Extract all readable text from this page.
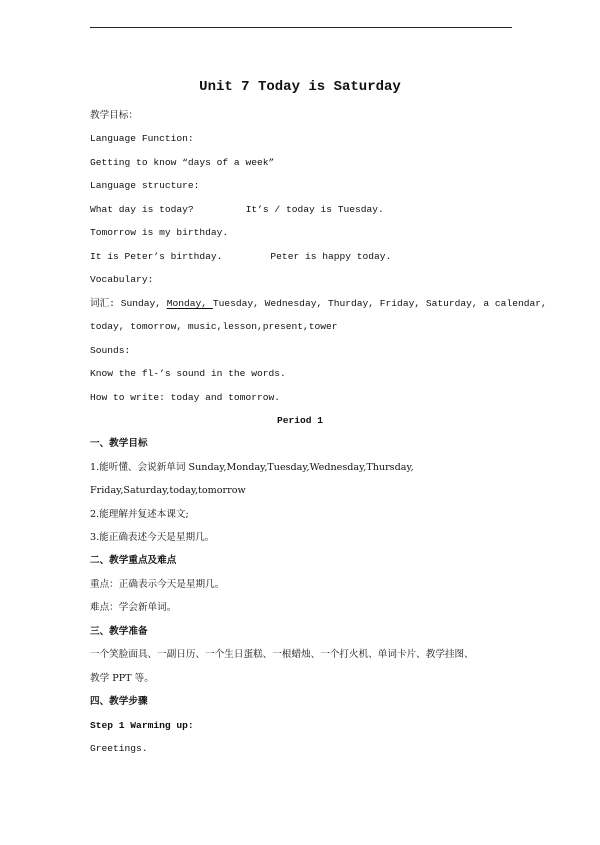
Unit 7 Today is Saturday
教学目标：
Language Function:
Getting to know “days of a week”
Language structure:
What day is today?	It’s / today is Tuesday.
Tomorrow is my birthday.
It is Peter’s birthday.	Peter is happy today.
Vocabulary:
词汇: Sunday, Monday, Tuesday, Wednesday, Thurday, Friday, Saturday, a calendar,
today, tomorrow, music,lesson,present,tower
Sounds:
Know the fl-’s sound in the words.
How to write: today and tomorrow.
Period 1
一、教学目标
1.能听懂、会说新单词 Sunday,Monday,Tuesday,Wednesday,Thursday,
Friday,Saturday,today,tomorrow
2.能理解并复述本课文;
3.能正确表述今天是星期几。
二、教学重点及难点
重点：正确表示今天是星期几。
难点：学会新单词。
三、教学准备
一个笑脸面具、一副日历、一个生日蛋糕、一根蜡烛、一个打火机、单词卡片、教学挂图、
教学 PPT 等。
四、教学步骤
Step 1 Warming up:
Greetings.
